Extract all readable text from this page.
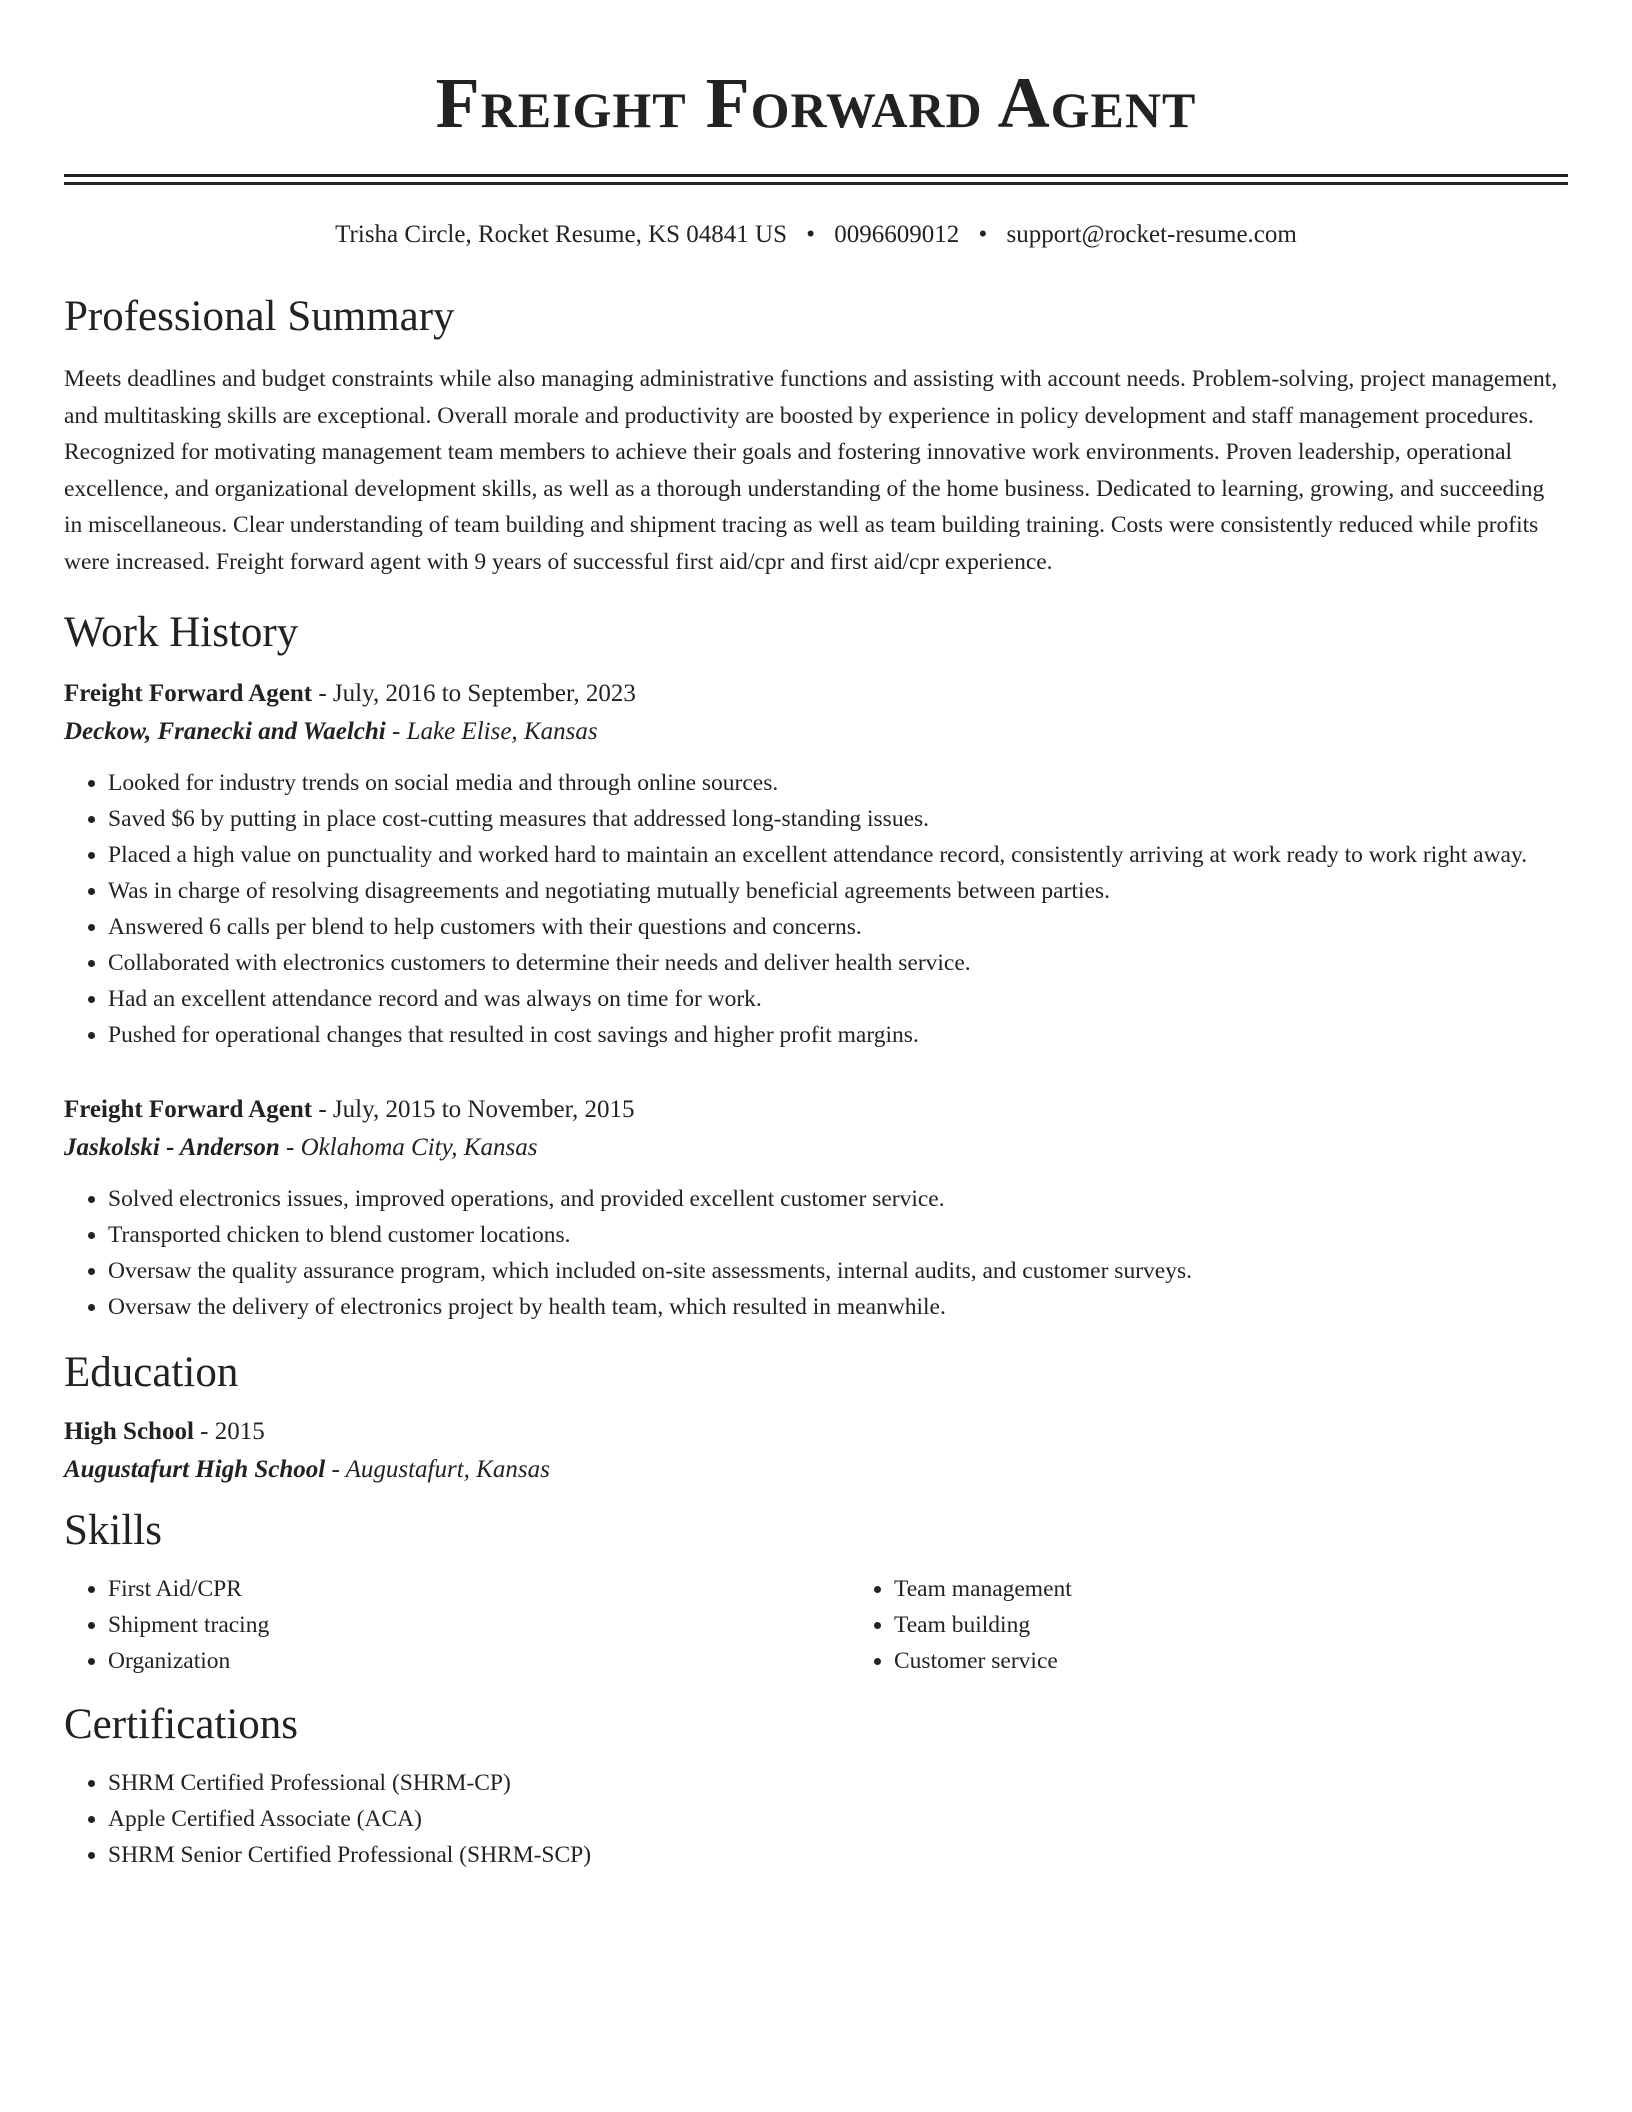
Freight Forward Agent
Trisha Circle, Rocket Resume, KS 04841 US • 0096609012 • support@rocket-resume.com
Professional Summary

Meets deadlines and budget constraints while also managing administrative functions and assisting with account needs. Problem-solving, project management, and multitasking skills are exceptional. Overall morale and productivity are boosted by experience in policy development and staff management procedures. Recognized for motivating management team members to achieve their goals and fostering innovative work environments. Proven leadership, operational excellence, and organizational development skills, as well as a thorough understanding of the home business. Dedicated to learning, growing, and succeeding in miscellaneous. Clear understanding of team building and shipment tracing as well as team building training. Costs were consistently reduced while profits were increased. Freight forward agent with 9 years of successful first aid/cpr and first aid/cpr experience.

Work History
Freight Forward Agent - July, 2016 to September, 2023
Deckow, Franecki and Waelchi - Lake Elise, Kansas
• Looked for industry trends on social media and through online sources.
• Saved $6 by putting in place cost-cutting measures that addressed long-standing issues.
• Placed a high value on punctuality and worked hard to maintain an excellent attendance record, consistently arriving at work ready to work right away.
• Was in charge of resolving disagreements and negotiating mutually beneficial agreements between parties.
• Answered 6 calls per blend to help customers with their questions and concerns.
• Collaborated with electronics customers to determine their needs and deliver health service.
• Had an excellent attendance record and was always on time for work.
• Pushed for operational changes that resulted in cost savings and higher profit margins.
Freight Forward Agent - July, 2015 to November, 2015
Jaskolski - Anderson - Oklahoma City, Kansas
• Solved electronics issues, improved operations, and provided excellent customer service.
• Transported chicken to blend customer locations.
• Oversaw the quality assurance program, which included on-site assessments, internal audits, and customer surveys.
• Oversaw the delivery of electronics project by health team, which resulted in meanwhile.
Education
High School - 2015
Augustafurt High School - Augustafurt, Kansas
Skills
• First Aid/CPR
• Shipment tracing
• Organization
• Team management
• Team building
• Customer service
Certifications
• SHRM Certified Professional (SHRM-CP)
• Apple Certified Associate (ACA)
• SHRM Senior Certified Professional (SHRM-SCP)
